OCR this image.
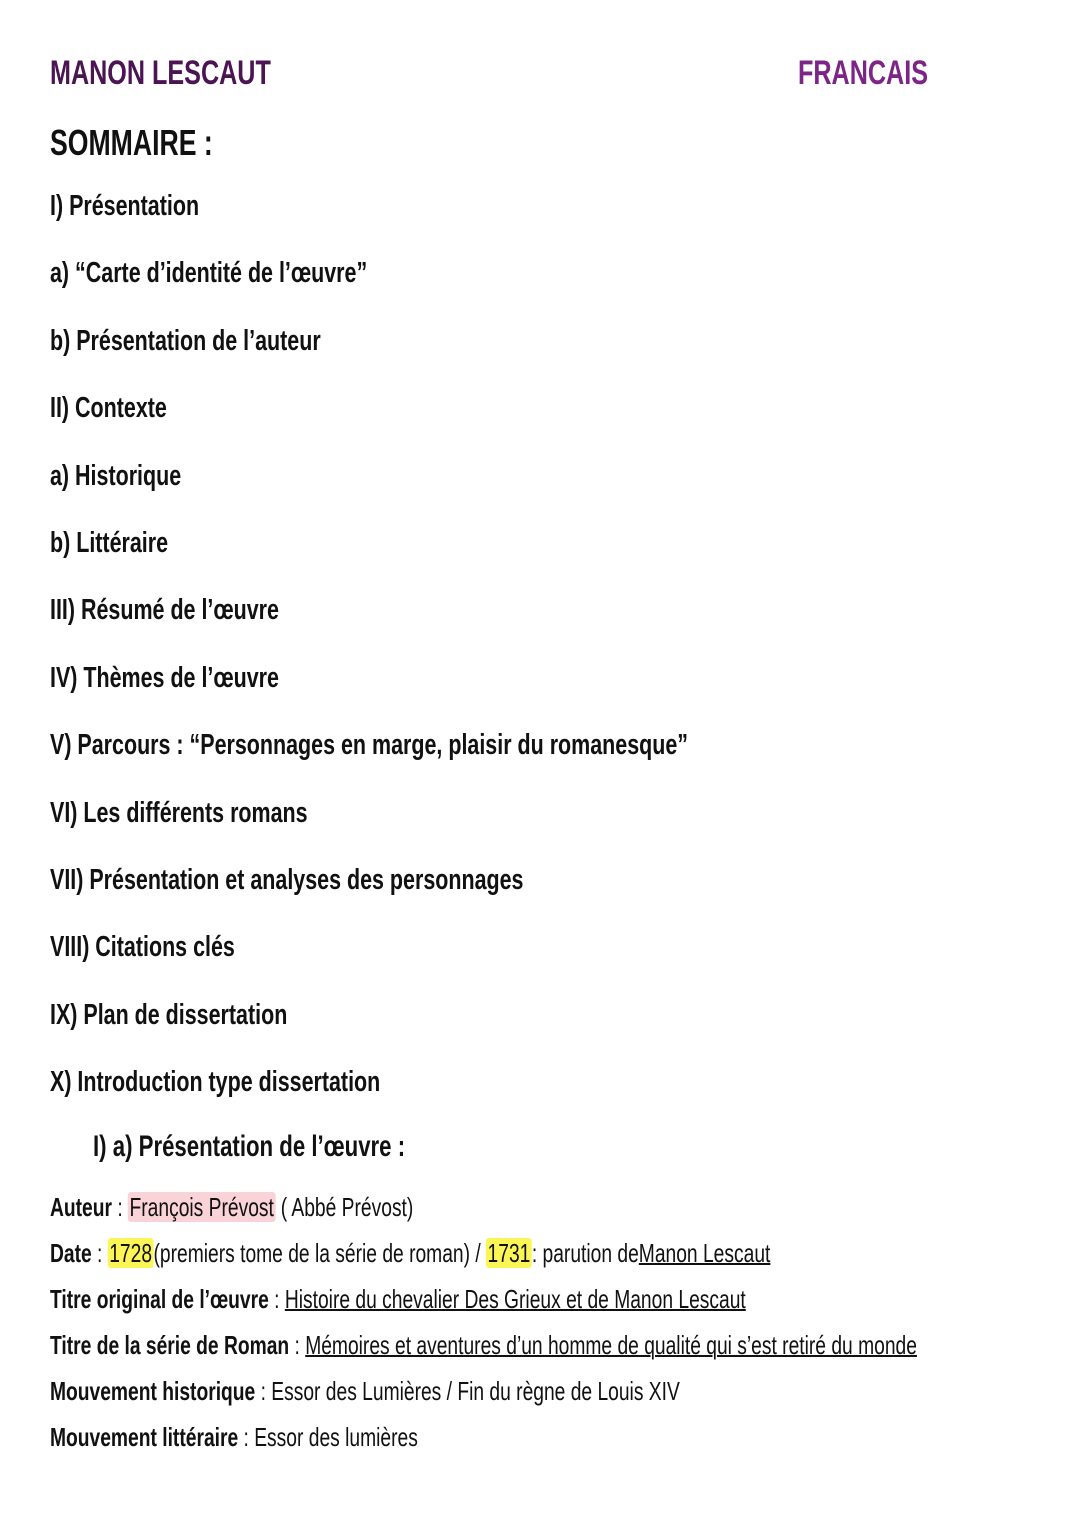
MANON LESCAUT	FRANCAIS
SOMMAIRE :
I) Présentation
a) “Carte d’identité de l’œuvre”
b) Présentation de l’auteur
II) Contexte
a) Historique
b) Littéraire
III) Résumé de l’œuvre
IV) Thèmes de l’œuvre
V) Parcours : “Personnages en marge, plaisir du romanesque”
VI) Les différents romans
VII) Présentation et analyses des personnages
VIII) Citations clés
IX) Plan de dissertation
X) Introduction type dissertation
I) a) Présentation de l’œuvre :
Auteur : François Prévost ( Abbé Prévost)
Date : 1728(premiers tome de la série de roman) / 1731: parution deManon Lescaut
Titre original de l’œuvre : Histoire du chevalier Des Grieux et de Manon Lescaut
Titre de la série de Roman : Mémoires et aventures d’un homme de qualité qui s’est retiré du monde
Mouvement historique : Essor des Lumières / Fin du règne de Louis XIV
Mouvement littéraire : Essor des lumières
